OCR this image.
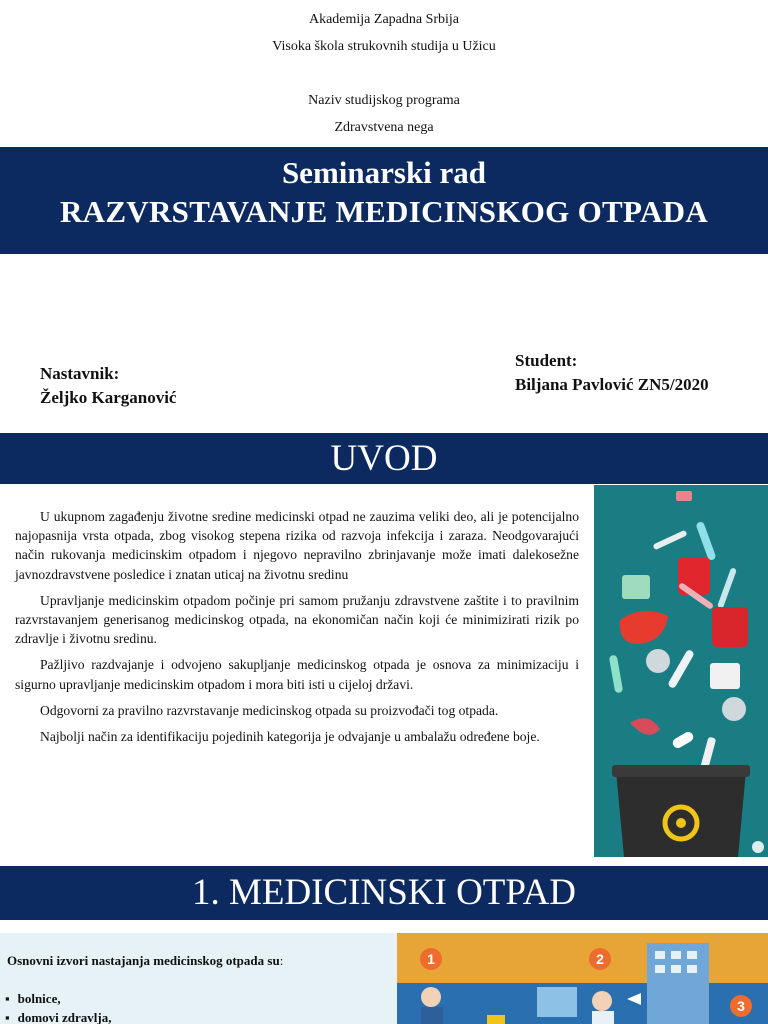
Akademija Zapadna Srbija
Visoka škola strukovnih studija u Užicu
Naziv studijskog programa
Zdravstvena nega
Seminarski rad
RAZVRSTAVANJE MEDICINSKOG OTPADA
Nastavnik:
Željko Karganović
Student:
Biljana Pavlović ZN5/2020
UVOD

U ukupnom zagađenju životne sredine medicinski otpad ne zauzima veliki deo, ali je potencijalno najopasnija vrsta otpada, zbog visokog stepena rizika od razvoja infekcija i zaraza. Neodgovarajući način rukovanja medicinskim otpadom i njegovo nepravilno zbrinjavanje može imati dalekosežne javnozdravstvene posledice i znatan uticaj na životnu sredinu

Upravljanje medicinskim otpadom počinje pri samom pružanju zdravstvene zaštite i to pravilnim razvrstavanjem generisanog medicinskog otpada, na ekonomičan način koji će minimizirati rizik po zdravlje i životnu sredinu.

Pažljivo razdvajanje i odvojeno sakupljanje medicinskog otpada je osnova za minimizaciju i sigurno upravljanje medicinskim otpadom i mora biti isti u cijeloj državi.

Odgovorni za pravilno razvrstavanje medicinskog otpada su proizvođači tog otpada.

Najbolji način za identifikaciju pojedinih kategorija je odvajanje u ambalažu određene boje.

1. MEDICINSKI OTPAD
Osnovni izvori nastajanja medicinskog otpada su:
▪ bolnice,
▪ domovi zdravlja,
1	2
3
